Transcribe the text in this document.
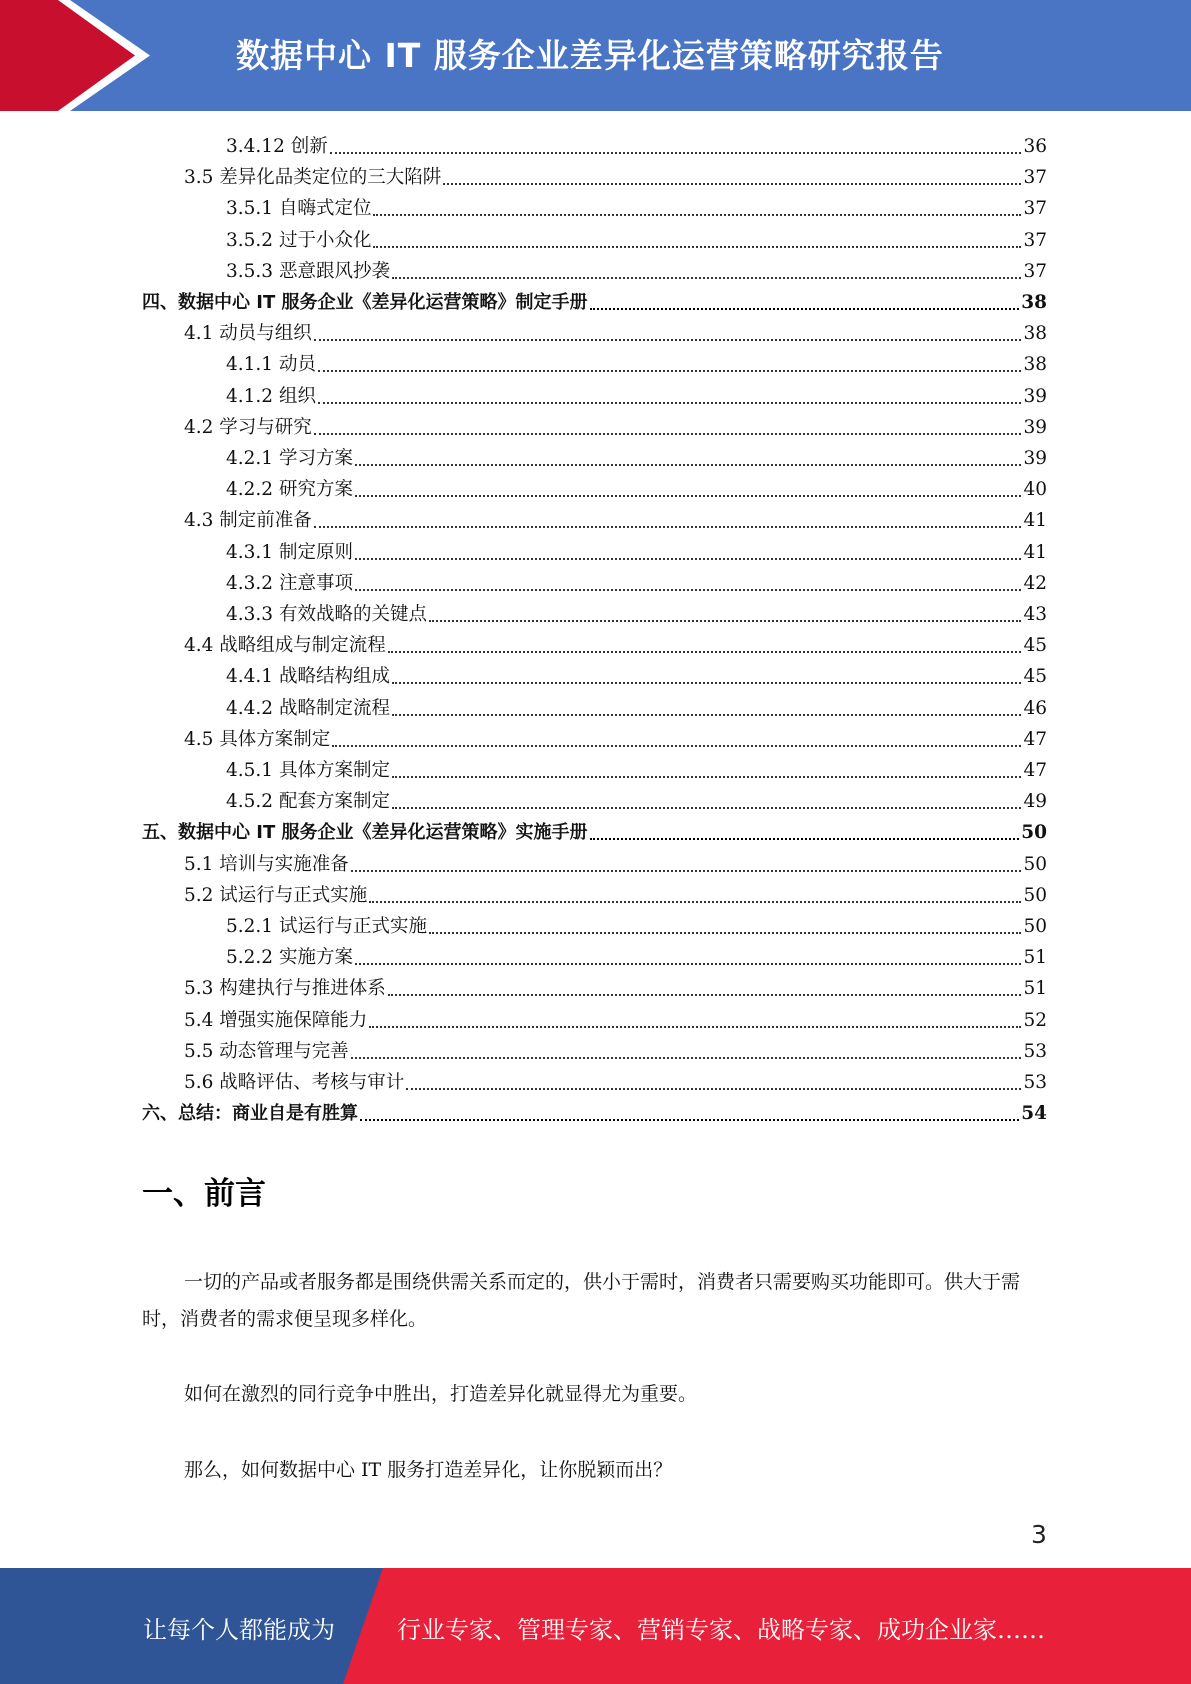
数据中心 IT 服务企业差异化运营策略研究报告
3.4.12 创新	36
3.5 差异化品类定位的三大陷阱	37
3.5.1 自嗨式定位	37
3.5.2 过于小众化	37
3.5.3 恶意跟风抄袭	37
四、数据中心 IT 服务企业《差异化运营策略》制定手册	38
4.1 动员与组织	38
4.1.1 动员	38
4.1.2 组织	39
4.2 学习与研究	39
4.2.1 学习方案	39
4.2.2 研究方案	40
4.3 制定前准备	41
4.3.1 制定原则	41
4.3.2 注意事项	42
4.3.3 有效战略的关键点	43
4.4 战略组成与制定流程	45
4.4.1 战略结构组成	45
4.4.2 战略制定流程	46
4.5 具体方案制定	47
4.5.1 具体方案制定	47
4.5.2 配套方案制定	49
五、数据中心 IT 服务企业《差异化运营策略》实施手册	50
5.1 培训与实施准备	50
5.2 试运行与正式实施	50
5.2.1 试运行与正式实施	50
5.2.2 实施方案	51
5.3 构建执行与推进体系	51
5.4 增强实施保障能力	52
5.5 动态管理与完善	53
5.6 战略评估、考核与审计	53
六、总结：商业自是有胜算	54
一、前言

一切的产品或者服务都是围绕供需关系而定的，供小于需时，消费者只需要购买功能即可。供大于需时，消费者的需求便呈现多样化。

如何在激烈的同行竞争中胜出，打造差异化就显得尤为重要。

那么，如何数据中心 IT 服务打造差异化，让你脱颖而出？

3
让每个人都能成为	行业专家、管理专家、营销专家、战略专家、成功企业家……
